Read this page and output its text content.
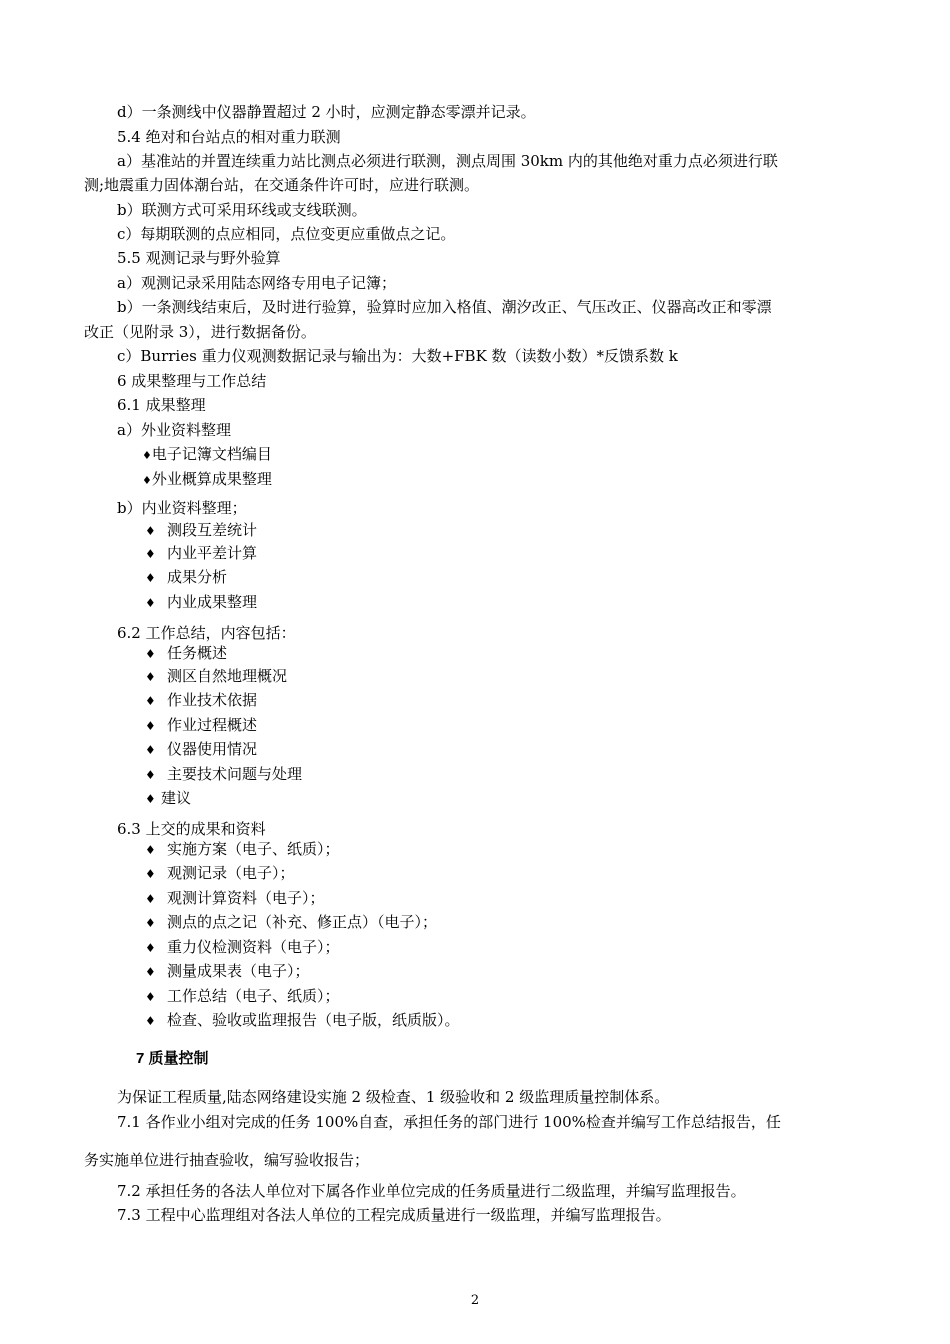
d）一条测线中仪器静置超过 2 小时，应测定静态零漂并记录。
5.4 绝对和台站点的相对重力联测
a）基准站的并置连续重力站比测点必须进行联测，测点周围 30km 内的其他绝对重力点必须进行联
测;地震重力固体潮台站，在交通条件许可时，应进行联测。
b）联测方式可采用环线或支线联测。
c）每期联测的点应相同，点位变更应重做点之记。
5.5 观测记录与野外验算
a）观测记录采用陆态网络专用电子记簿；
b）一条测线结束后，及时进行验算，验算时应加入格值、潮汐改正、气压改正、仪器高改正和零漂
改正（见附录 3），进行数据备份。
c）Burries 重力仪观测数据记录与输出为：大数+FBK 数（读数小数）*反馈系数 k
6 成果整理与工作总结
6.1 成果整理
a）外业资料整理
♦电子记簿文档编目
♦外业概算成果整理
b）内业资料整理；
♦ 测段互差统计
♦ 内业平差计算
♦ 成果分析
♦ 内业成果整理
6.2 工作总结，内容包括：
♦ 任务概述
♦ 测区自然地理概况
♦ 作业技术依据
♦ 作业过程概述
♦ 仪器使用情况
♦ 主要技术问题与处理
♦ 建议
6.3 上交的成果和资料
♦ 实施方案（电子、纸质）；
♦ 观测记录（电子）；
♦ 观测计算资料（电子）；
♦ 测点的点之记（补充、修正点）（电子）；
♦ 重力仪检测资料（电子）；
♦ 测量成果表（电子）；
♦ 工作总结（电子、纸质）；
♦ 检查、验收或监理报告（电子版，纸质版）。
7 质量控制
为保证工程质量,陆态网络建设实施 2 级检查、1 级验收和 2 级监理质量控制体系。
7.1 各作业小组对完成的任务 100%自查，承担任务的部门进行 100%检查并编写工作总结报告，任
务实施单位进行抽查验收，编写验收报告；
7.2 承担任务的各法人单位对下属各作业单位完成的任务质量进行二级监理，并编写监理报告。
7.3 工程中心监理组对各法人单位的工程完成质量进行一级监理，并编写监理报告。
2
